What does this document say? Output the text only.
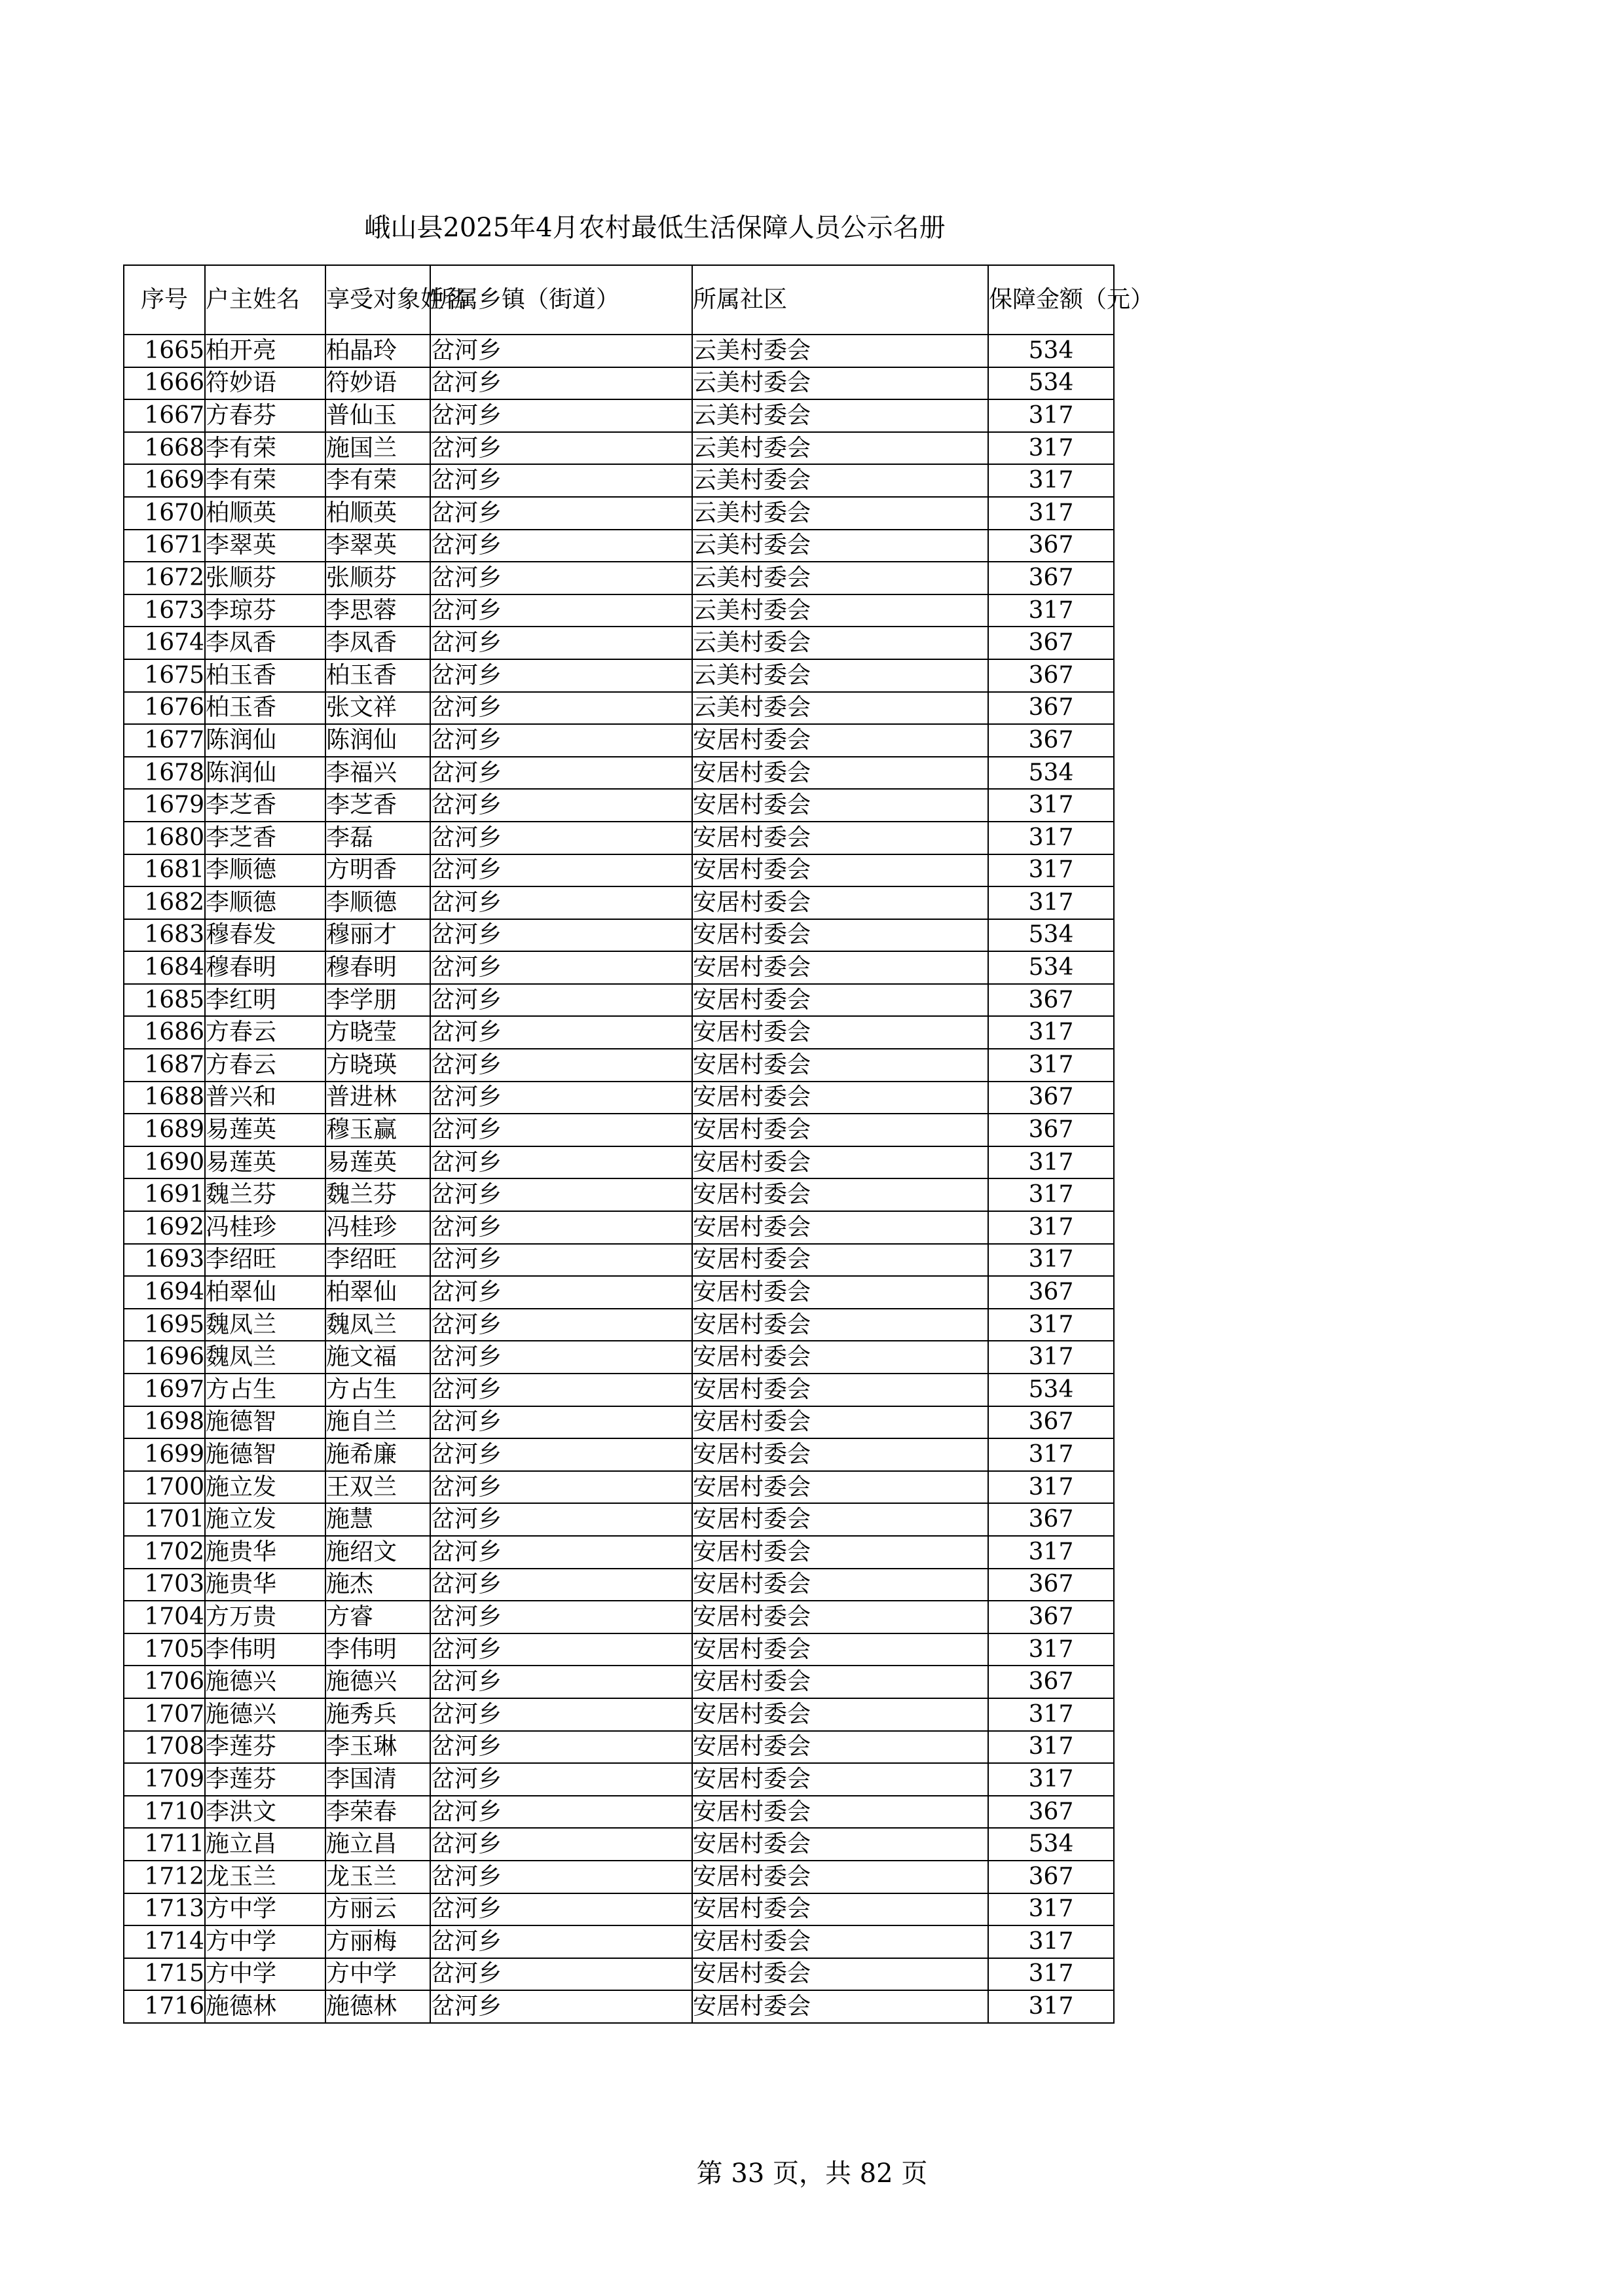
峨山县2025年4月农村最低生活保障人员公示名册
序号	户主姓名	享受对象姓名	所属乡镇（街道）	所属社区	保障金额（元）
1665	柏开亮	柏晶玲	岔河乡	云美村委会	534
1666	符妙语	符妙语	岔河乡	云美村委会	534
1667	方春芬	普仙玉	岔河乡	云美村委会	317
1668	李有荣	施国兰	岔河乡	云美村委会	317
1669	李有荣	李有荣	岔河乡	云美村委会	317
1670	柏顺英	柏顺英	岔河乡	云美村委会	317
1671	李翠英	李翠英	岔河乡	云美村委会	367
1672	张顺芬	张顺芬	岔河乡	云美村委会	367
1673	李琼芬	李思蓉	岔河乡	云美村委会	317
1674	李凤香	李凤香	岔河乡	云美村委会	367
1675	柏玉香	柏玉香	岔河乡	云美村委会	367
1676	柏玉香	张文祥	岔河乡	云美村委会	367
1677	陈润仙	陈润仙	岔河乡	安居村委会	367
1678	陈润仙	李福兴	岔河乡	安居村委会	534
1679	李芝香	李芝香	岔河乡	安居村委会	317
1680	李芝香	李磊	岔河乡	安居村委会	317
1681	李顺德	方明香	岔河乡	安居村委会	317
1682	李顺德	李顺德	岔河乡	安居村委会	317
1683	穆春发	穆丽才	岔河乡	安居村委会	534
1684	穆春明	穆春明	岔河乡	安居村委会	534
1685	李红明	李学朋	岔河乡	安居村委会	367
1686	方春云	方晓莹	岔河乡	安居村委会	317
1687	方春云	方晓瑛	岔河乡	安居村委会	317
1688	普兴和	普进林	岔河乡	安居村委会	367
1689	易莲英	穆玉赢	岔河乡	安居村委会	367
1690	易莲英	易莲英	岔河乡	安居村委会	317
1691	魏兰芬	魏兰芬	岔河乡	安居村委会	317
1692	冯桂珍	冯桂珍	岔河乡	安居村委会	317
1693	李绍旺	李绍旺	岔河乡	安居村委会	317
1694	柏翠仙	柏翠仙	岔河乡	安居村委会	367
1695	魏凤兰	魏凤兰	岔河乡	安居村委会	317
1696	魏凤兰	施文福	岔河乡	安居村委会	317
1697	方占生	方占生	岔河乡	安居村委会	534
1698	施德智	施自兰	岔河乡	安居村委会	367
1699	施德智	施希廉	岔河乡	安居村委会	317
1700	施立发	王双兰	岔河乡	安居村委会	317
1701	施立发	施慧	岔河乡	安居村委会	367
1702	施贵华	施绍文	岔河乡	安居村委会	317
1703	施贵华	施杰	岔河乡	安居村委会	367
1704	方万贵	方睿	岔河乡	安居村委会	367
1705	李伟明	李伟明	岔河乡	安居村委会	317
1706	施德兴	施德兴	岔河乡	安居村委会	367
1707	施德兴	施秀兵	岔河乡	安居村委会	317
1708	李莲芬	李玉琳	岔河乡	安居村委会	317
1709	李莲芬	李国清	岔河乡	安居村委会	317
1710	李洪文	李荣春	岔河乡	安居村委会	367
1711	施立昌	施立昌	岔河乡	安居村委会	534
1712	龙玉兰	龙玉兰	岔河乡	安居村委会	367
1713	方中学	方丽云	岔河乡	安居村委会	317
1714	方中学	方丽梅	岔河乡	安居村委会	317
1715	方中学	方中学	岔河乡	安居村委会	317
1716	施德林	施德林	岔河乡	安居村委会	317
第 33 页，共 82 页
